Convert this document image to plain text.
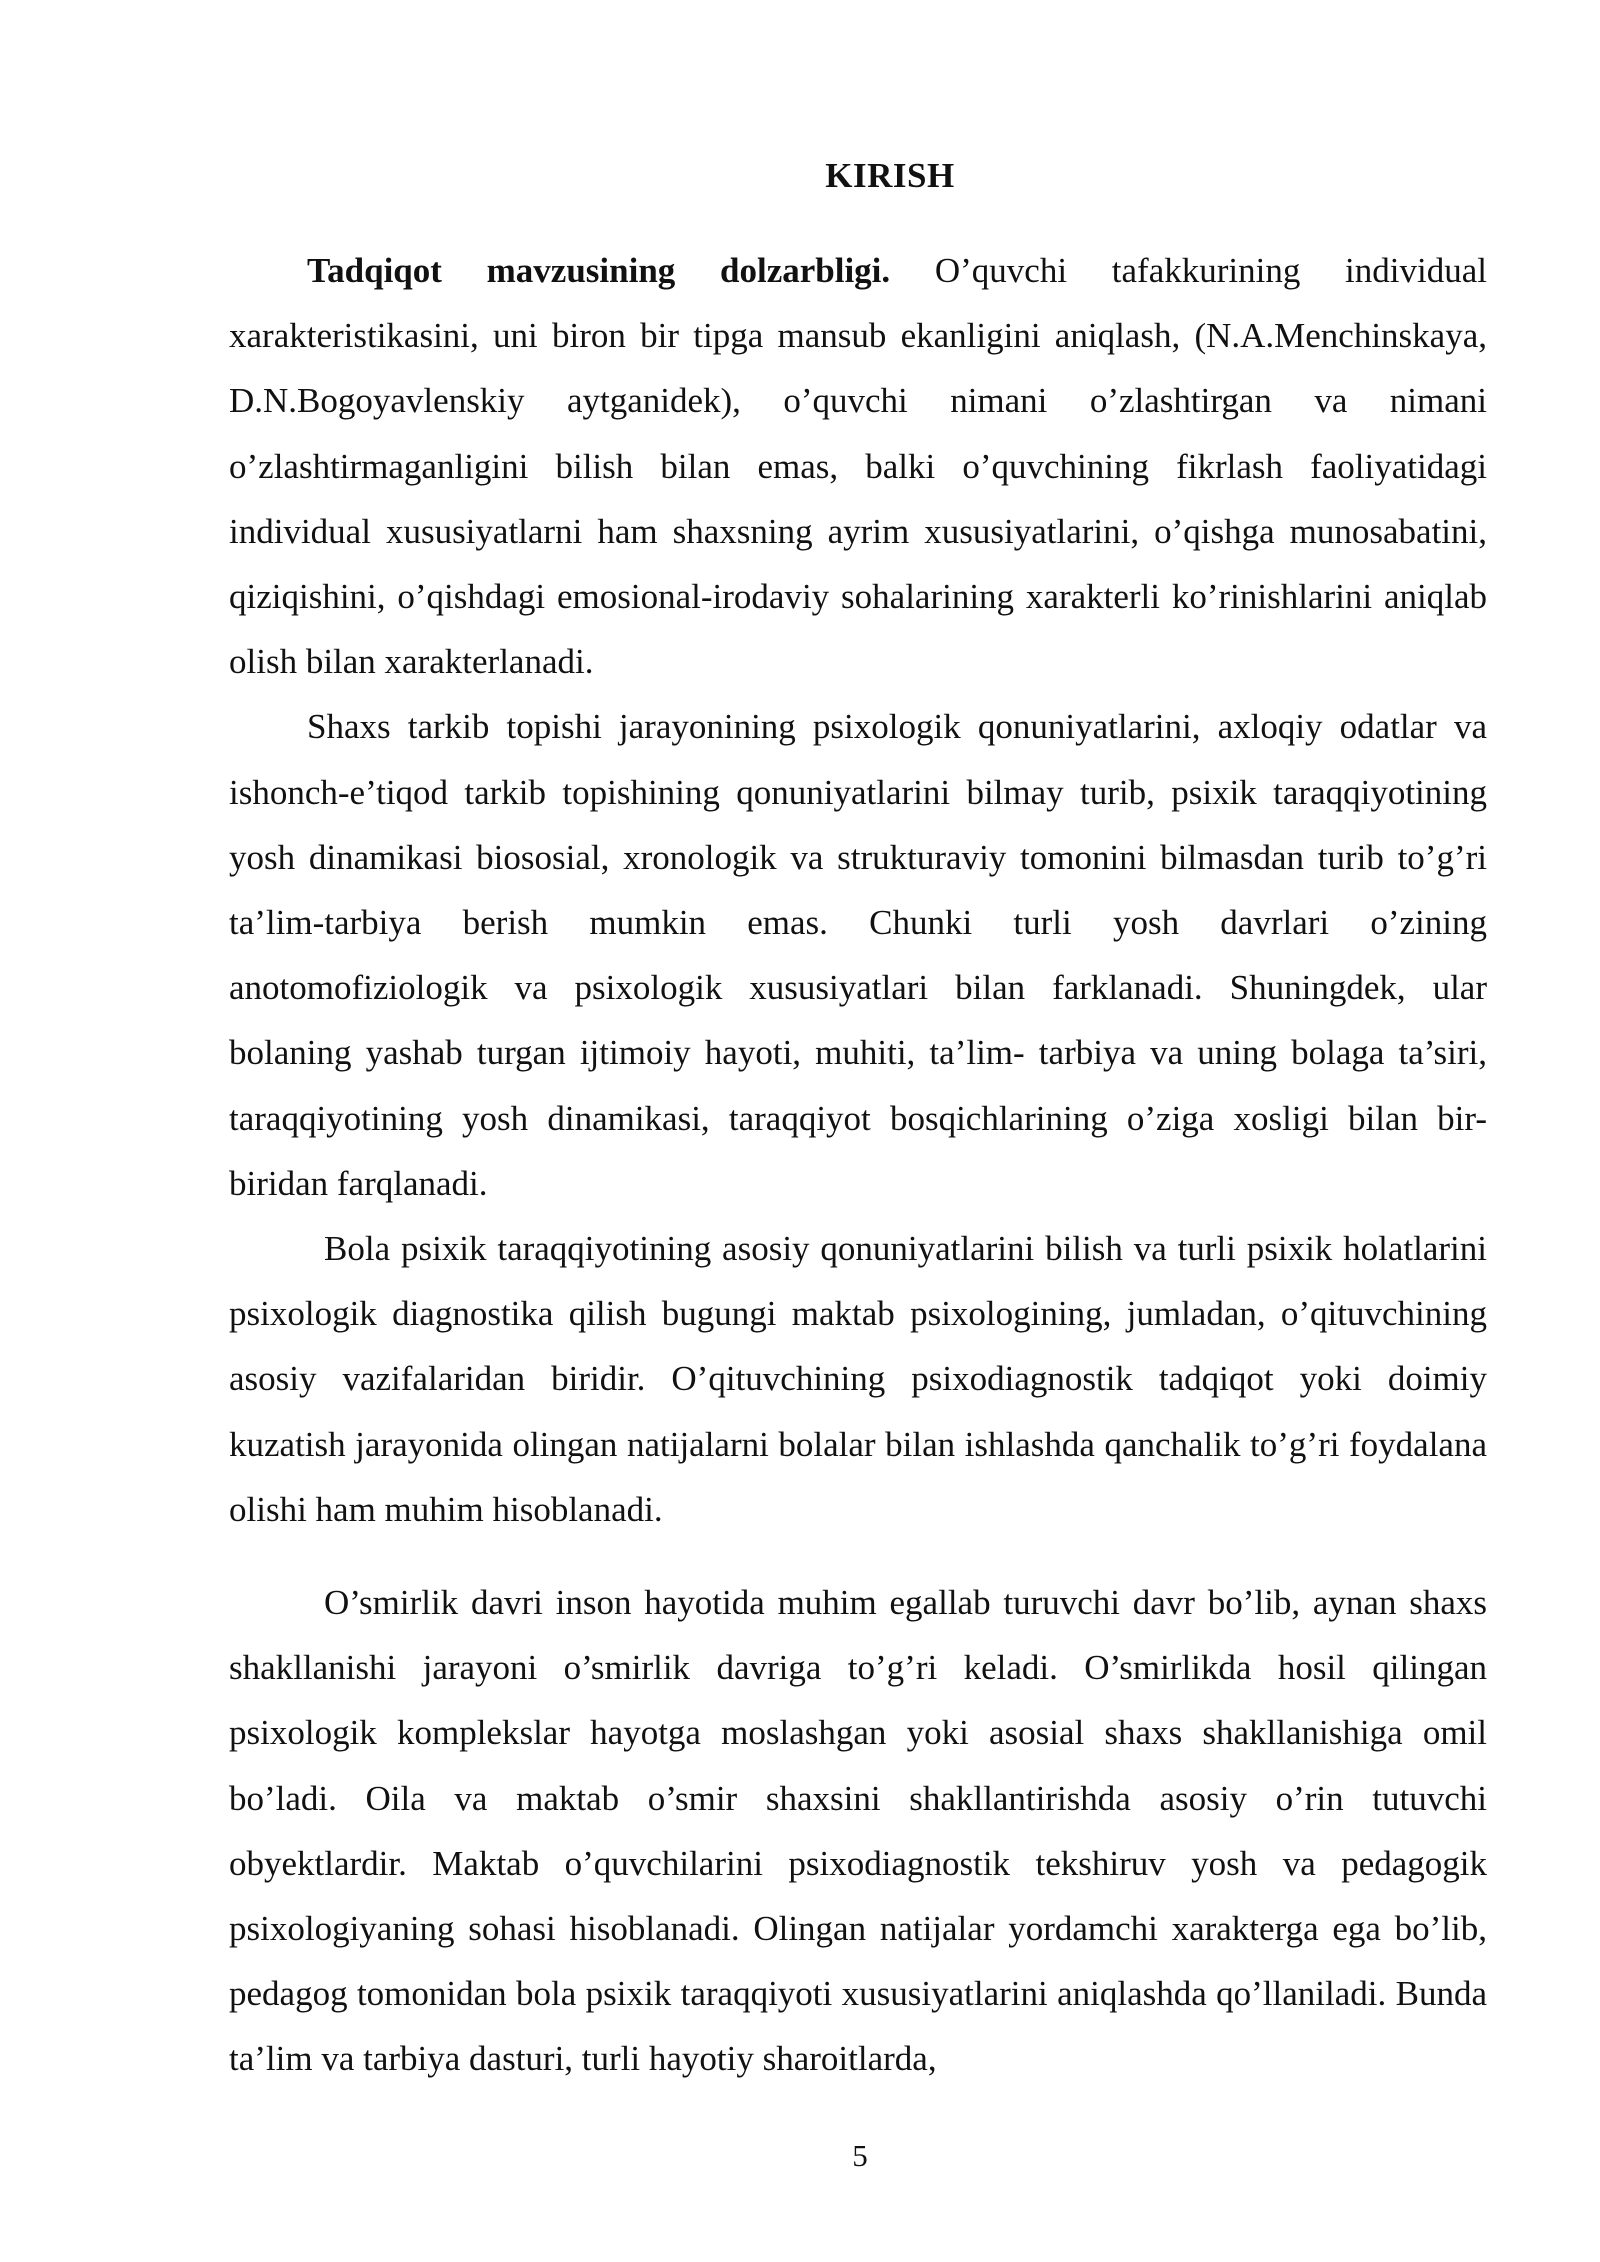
KIRISH

Tadqiqot mavzusining dolzarbligi. O’quvchi tafakkurining individual xarakteristikasini, uni biron bir tipga mansub ekanligini aniqlash, (N.A.Menchinskaya, D.N.Bogoyavlenskiy aytganidek), o’quvchi nimani o’zlashtirgan va nimani o’zlashtirmaganligini bilish bilan emas, balki o’quvchining fikrlash faoliyatidagi individual xususiyatlarni ham shaxsning ayrim xususiyatlarini, o’qishga munosabatini, qiziqishini, o’qishdagi emosional-irodaviy sohalarining xarakterli ko’rinishlarini aniqlab olish bilan xarakterlanadi.

Shaxs tarkib topishi jarayonining psixologik qonuniyatlarini, axloqiy odatlar va ishonch-e’tiqod tarkib topishining qonuniyatlarini bilmay turib, psixik taraqqiyotining yosh dinamikasi biososial, xronologik va strukturaviy tomonini bilmasdan turib to’g’ri ta’lim-tarbiya berish mumkin emas. Chunki turli yosh davrlari o’zining anotomofiziologik va psixologik xususiyatlari bilan farklanadi. Shuningdek, ular bolaning yashab turgan ijtimoiy hayoti, muhiti, ta’lim- tarbiya va uning bolaga ta’siri, taraqqiyotining yosh dinamikasi, taraqqiyot bosqichlarining o’ziga xosligi bilan bir-biridan farqlanadi.

Bola psixik taraqqiyotining asosiy qonuniyatlarini bilish va turli psixik holatlarini psixologik diagnostika qilish bugungi maktab psixologining, jumladan, o’qituvchining asosiy vazifalaridan biridir. O’qituvchining psixodiagnostik tadqiqot yoki doimiy kuzatish jarayonida olingan natijalarni bolalar bilan ishlashda qanchalik to’g’ri foydalana olishi ham muhim hisoblanadi.

O’smirlik davri inson hayotida muhim egallab turuvchi davr bo’lib, aynan shaxs shakllanishi jarayoni o’smirlik davriga to’g’ri keladi. O’smirlikda hosil qilingan psixologik komplekslar hayotga moslashgan yoki asosial shaxs shakllanishiga omil bo’ladi. Oila va maktab o’smir shaxsini shakllantirishda asosiy o’rin tutuvchi obyektlardir. Maktab o’quvchilarini psixodiagnostik tekshiruv yosh va pedagogik psixologiyaning sohasi hisoblanadi. Olingan natijalar yordamchi xarakterga ega bo’lib, pedagog tomonidan bola psixik taraqqiyoti xususiyatlarini aniqlashda qo’llaniladi. Bunda ta’lim va tarbiya dasturi, turli hayotiy sharoitlarda,

5
